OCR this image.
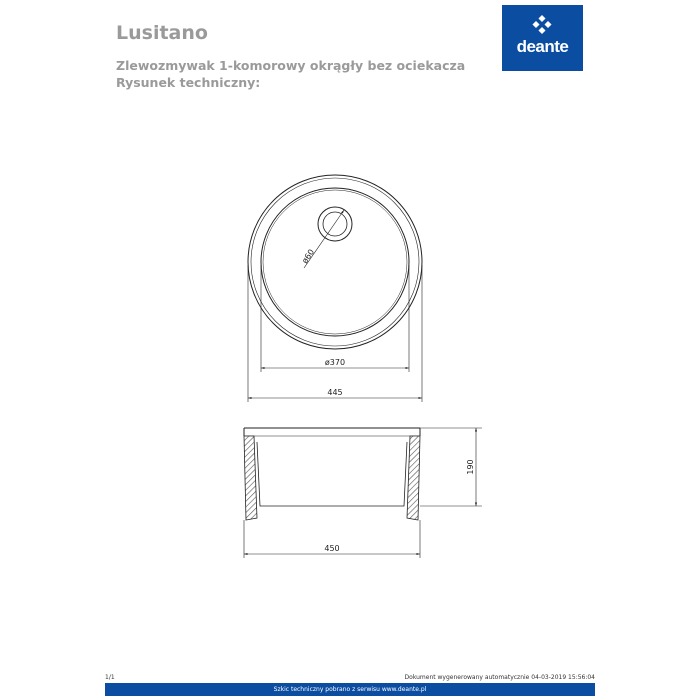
Lusitano
Zlewozmywak 1-komorowy okrągły bez ociekacza
Rysunek techniczny:
deante
ø60
ø370
445
190
450
1/1	Dokument wygenerowany automatycznie 04-03-2019 15:56:04
Szkic techniczny pobrano z serwisu www.deante.pl
